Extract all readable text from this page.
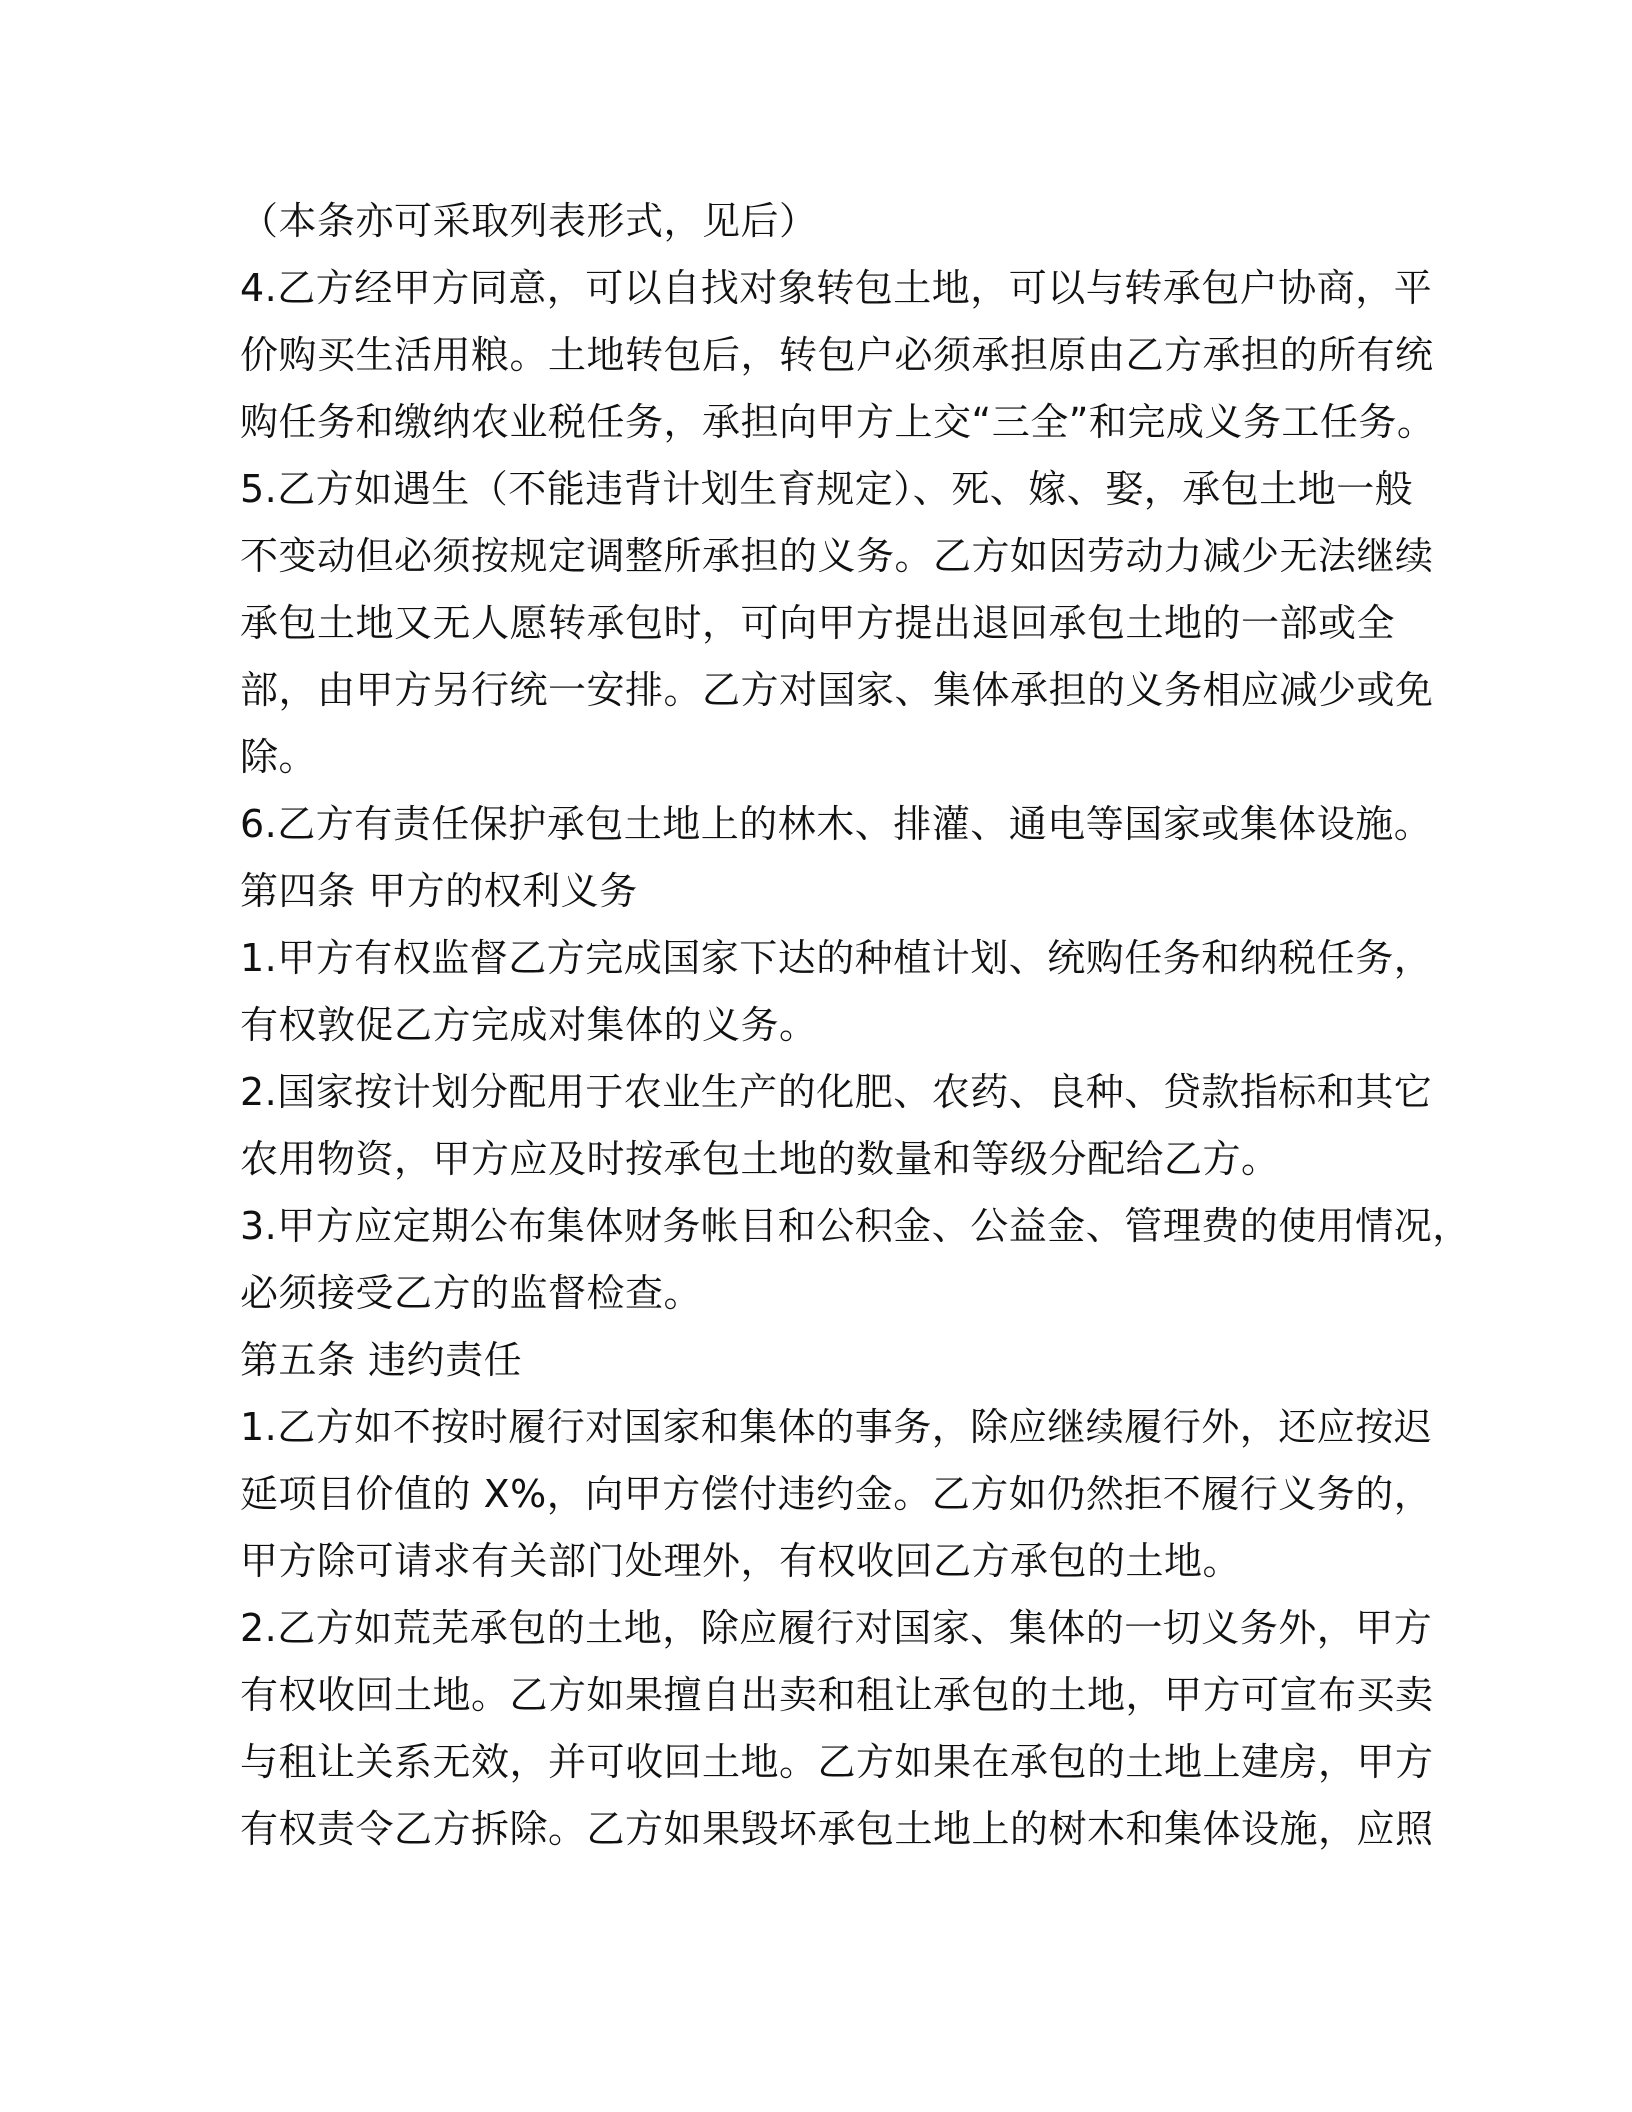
（本条亦可采取列表形式，见后）
4.乙方经甲方同意，可以自找对象转包土地，可以与转承包户协商，平
价购买生活用粮。土地转包后，转包户必须承担原由乙方承担的所有统
购任务和缴纳农业税任务，承担向甲方上交“三全”和完成义务工任务。
5.乙方如遇生（不能违背计划生育规定）、死、嫁、娶，承包土地一般
不变动但必须按规定调整所承担的义务。乙方如因劳动力减少无法继续
承包土地又无人愿转承包时，可向甲方提出退回承包土地的一部或全
部，由甲方另行统一安排。乙方对国家、集体承担的义务相应减少或免
除。
6.乙方有责任保护承包土地上的林木、排灌、通电等国家或集体设施。
第四条 甲方的权利义务
1.甲方有权监督乙方完成国家下达的种植计划、统购任务和纳税任务，
有权敦促乙方完成对集体的义务。
2.国家按计划分配用于农业生产的化肥、农药、良种、贷款指标和其它
农用物资，甲方应及时按承包土地的数量和等级分配给乙方。
3.甲方应定期公布集体财务帐目和公积金、公益金、管理费的使用情况，
必须接受乙方的监督检查。
第五条 违约责任
1.乙方如不按时履行对国家和集体的事务，除应继续履行外，还应按迟
延项目价值的 X%，向甲方偿付违约金。乙方如仍然拒不履行义务的，
甲方除可请求有关部门处理外，有权收回乙方承包的土地。
2.乙方如荒芜承包的土地，除应履行对国家、集体的一切义务外，甲方
有权收回土地。乙方如果擅自出卖和租让承包的土地，甲方可宣布买卖
与租让关系无效，并可收回土地。乙方如果在承包的土地上建房，甲方
有权责令乙方拆除。乙方如果毁坏承包土地上的树木和集体设施，应照
